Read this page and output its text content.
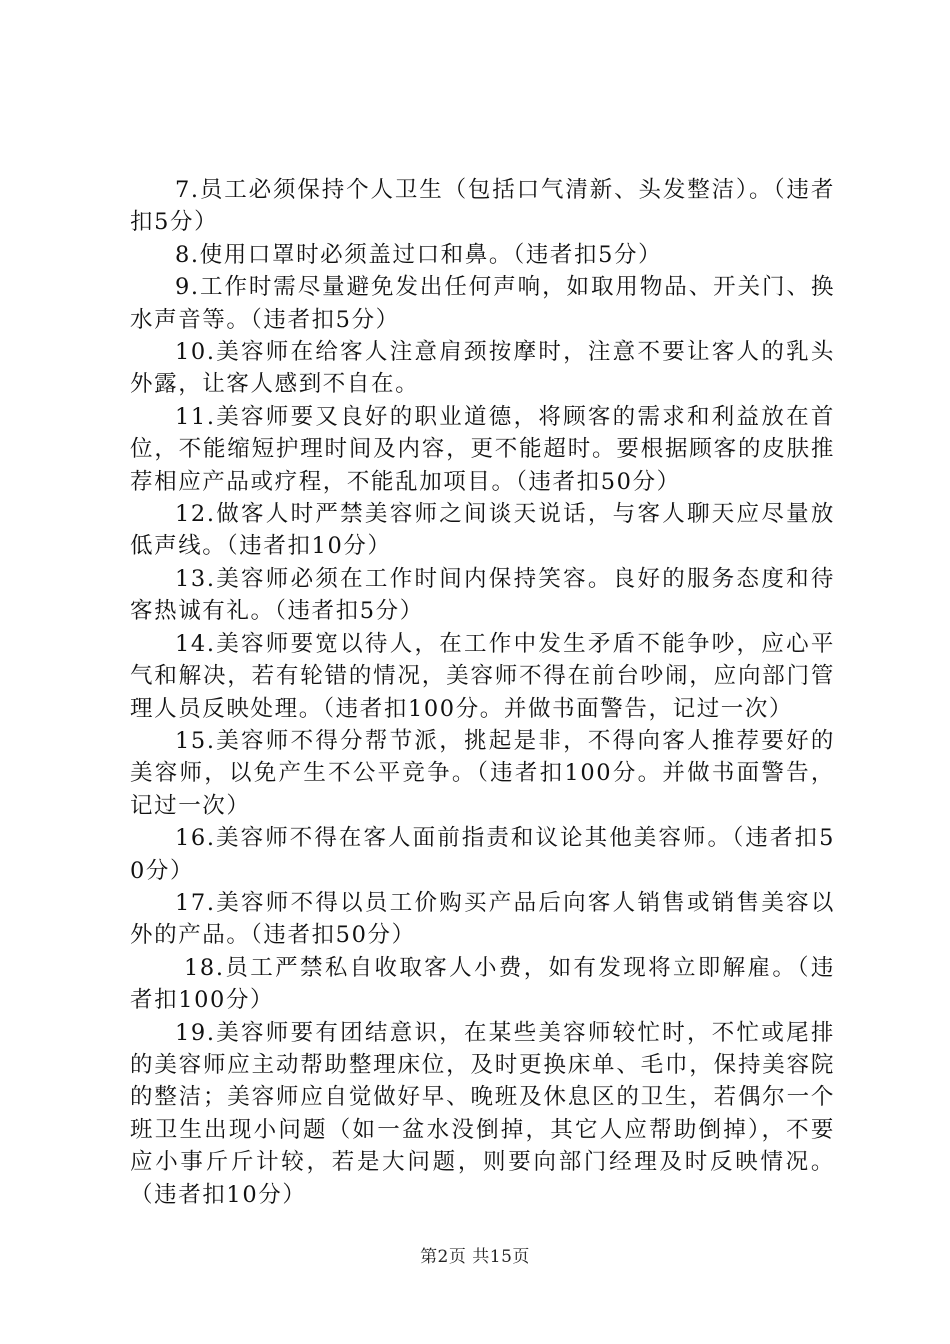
7.员工必须保持个人卫生（包括口气清新、头发整洁）。（违者扣5分）

8.使用口罩时必须盖过口和鼻。（违者扣5分）

9.工作时需尽量避免发出任何声响，如取用物品、开关门、换水声音等。（违者扣5分）

10.美容师在给客人注意肩颈按摩时，注意不要让客人的乳头外露，让客人感到不自在。

11.美容师要又良好的职业道德，将顾客的需求和利益放在首位，不能缩短护理时间及内容，更不能超时。要根据顾客的皮肤推荐相应产品或疗程，不能乱加项目。（违者扣50分）

12.做客人时严禁美容师之间谈天说话，与客人聊天应尽量放低声线。（违者扣10分）

13.美容师必须在工作时间内保持笑容。良好的服务态度和待客热诚有礼。（违者扣5分）

14.美容师要宽以待人，在工作中发生矛盾不能争吵，应心平气和解决，若有轮错的情况，美容师不得在前台吵闹，应向部门管理人员反映处理。（违者扣100分。并做书面警告，记过一次）

15.美容师不得分帮节派，挑起是非，不得向客人推荐要好的美容师，以免产生不公平竞争。（违者扣100分。并做书面警告，记过一次）

16.美容师不得在客人面前指责和议论其他美容师。（违者扣50分）

17.美容师不得以员工价购买产品后向客人销售或销售美容以外的产品。（违者扣50分）

18.员工严禁私自收取客人小费，如有发现将立即解雇。（违者扣100分）

19.美容师要有团结意识，在某些美容师较忙时，不忙或尾排的美容师应主动帮助整理床位，及时更换床单、毛巾，保持美容院的整洁；美容师应自觉做好早、晚班及休息区的卫生，若偶尔一个班卫生出现小问题（如一盆水没倒掉，其它人应帮助倒掉），不要应小事斤斤计较，若是大问题，则要向部门经理及时反映情况。（违者扣10分）

第2页 共15页
